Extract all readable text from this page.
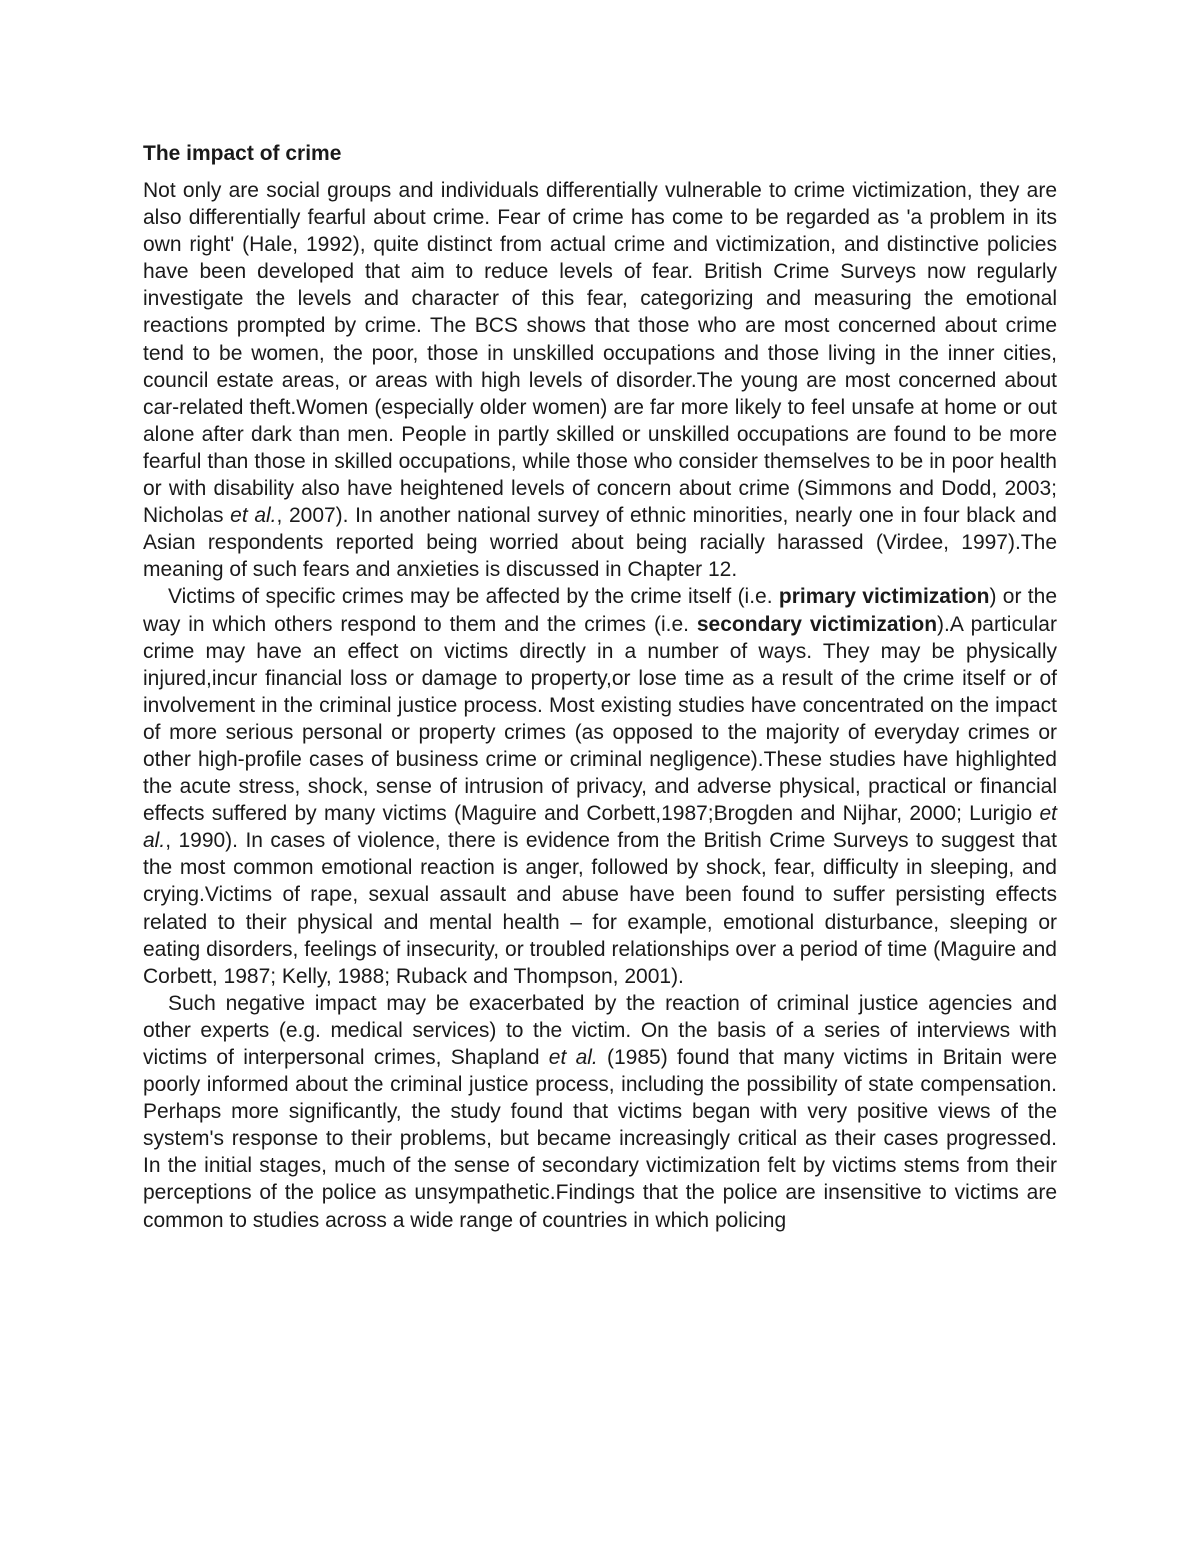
The impact of crime

Not only are social groups and individuals differentially vulnerable to crime victimization, they are also differentially fearful about crime. Fear of crime has come to be regarded as 'a problem in its own right' (Hale, 1992), quite distinct from actual crime and victimization, and distinctive policies have been developed that aim to reduce levels of fear. British Crime Surveys now regularly investigate the levels and character of this fear, categorizing and measuring the emotional reactions prompted by crime. The BCS shows that those who are most concerned about crime tend to be women, the poor, those in unskilled occupations and those living in the inner cities, council estate areas, or areas with high levels of disorder.The young are most concerned about car-related theft.Women (especially older women) are far more likely to feel unsafe at home or out alone after dark than men. People in partly skilled or unskilled occupations are found to be more fearful than those in skilled occupations, while those who consider themselves to be in poor health or with disability also have heightened levels of concern about crime (Simmons and Dodd, 2003; Nicholas et al., 2007). In another national survey of ethnic minorities, nearly one in four black and Asian respondents reported being worried about being racially harassed (Virdee, 1997).The meaning of such fears and anxieties is discussed in Chapter 12.

Victims of specific crimes may be affected by the crime itself (i.e. primary victimization) or the way in which others respond to them and the crimes (i.e. secondary victimization).A particular crime may have an effect on victims directly in a number of ways. They may be physically injured,incur financial loss or damage to property,or lose time as a result of the crime itself or of involvement in the criminal justice process. Most existing studies have concentrated on the impact of more serious personal or property crimes (as opposed to the majority of everyday crimes or other high-profile cases of business crime or criminal negligence).These studies have highlighted the acute stress, shock, sense of intrusion of privacy, and adverse physical, practical or financial effects suffered by many victims (Maguire and Corbett,1987;Brogden and Nijhar, 2000; Lurigio et al., 1990). In cases of violence, there is evidence from the British Crime Surveys to suggest that the most common emotional reaction is anger, followed by shock, fear, difficulty in sleeping, and crying.Victims of rape, sexual assault and abuse have been found to suffer persisting effects related to their physical and mental health – for example, emotional disturbance, sleeping or eating disorders, feelings of insecurity, or troubled relationships over a period of time (Maguire and Corbett, 1987; Kelly, 1988; Ruback and Thompson, 2001).

Such negative impact may be exacerbated by the reaction of criminal justice agencies and other experts (e.g. medical services) to the victim. On the basis of a series of interviews with victims of interpersonal crimes, Shapland et al. (1985) found that many victims in Britain were poorly informed about the criminal justice process, including the possibility of state compensation. Perhaps more significantly, the study found that victims began with very positive views of the system's response to their problems, but became increasingly critical as their cases progressed. In the initial stages, much of the sense of secondary victimization felt by victims stems from their perceptions of the police as unsympathetic.Findings that the police are insensitive to victims are common to studies across a wide range of countries in which policing
